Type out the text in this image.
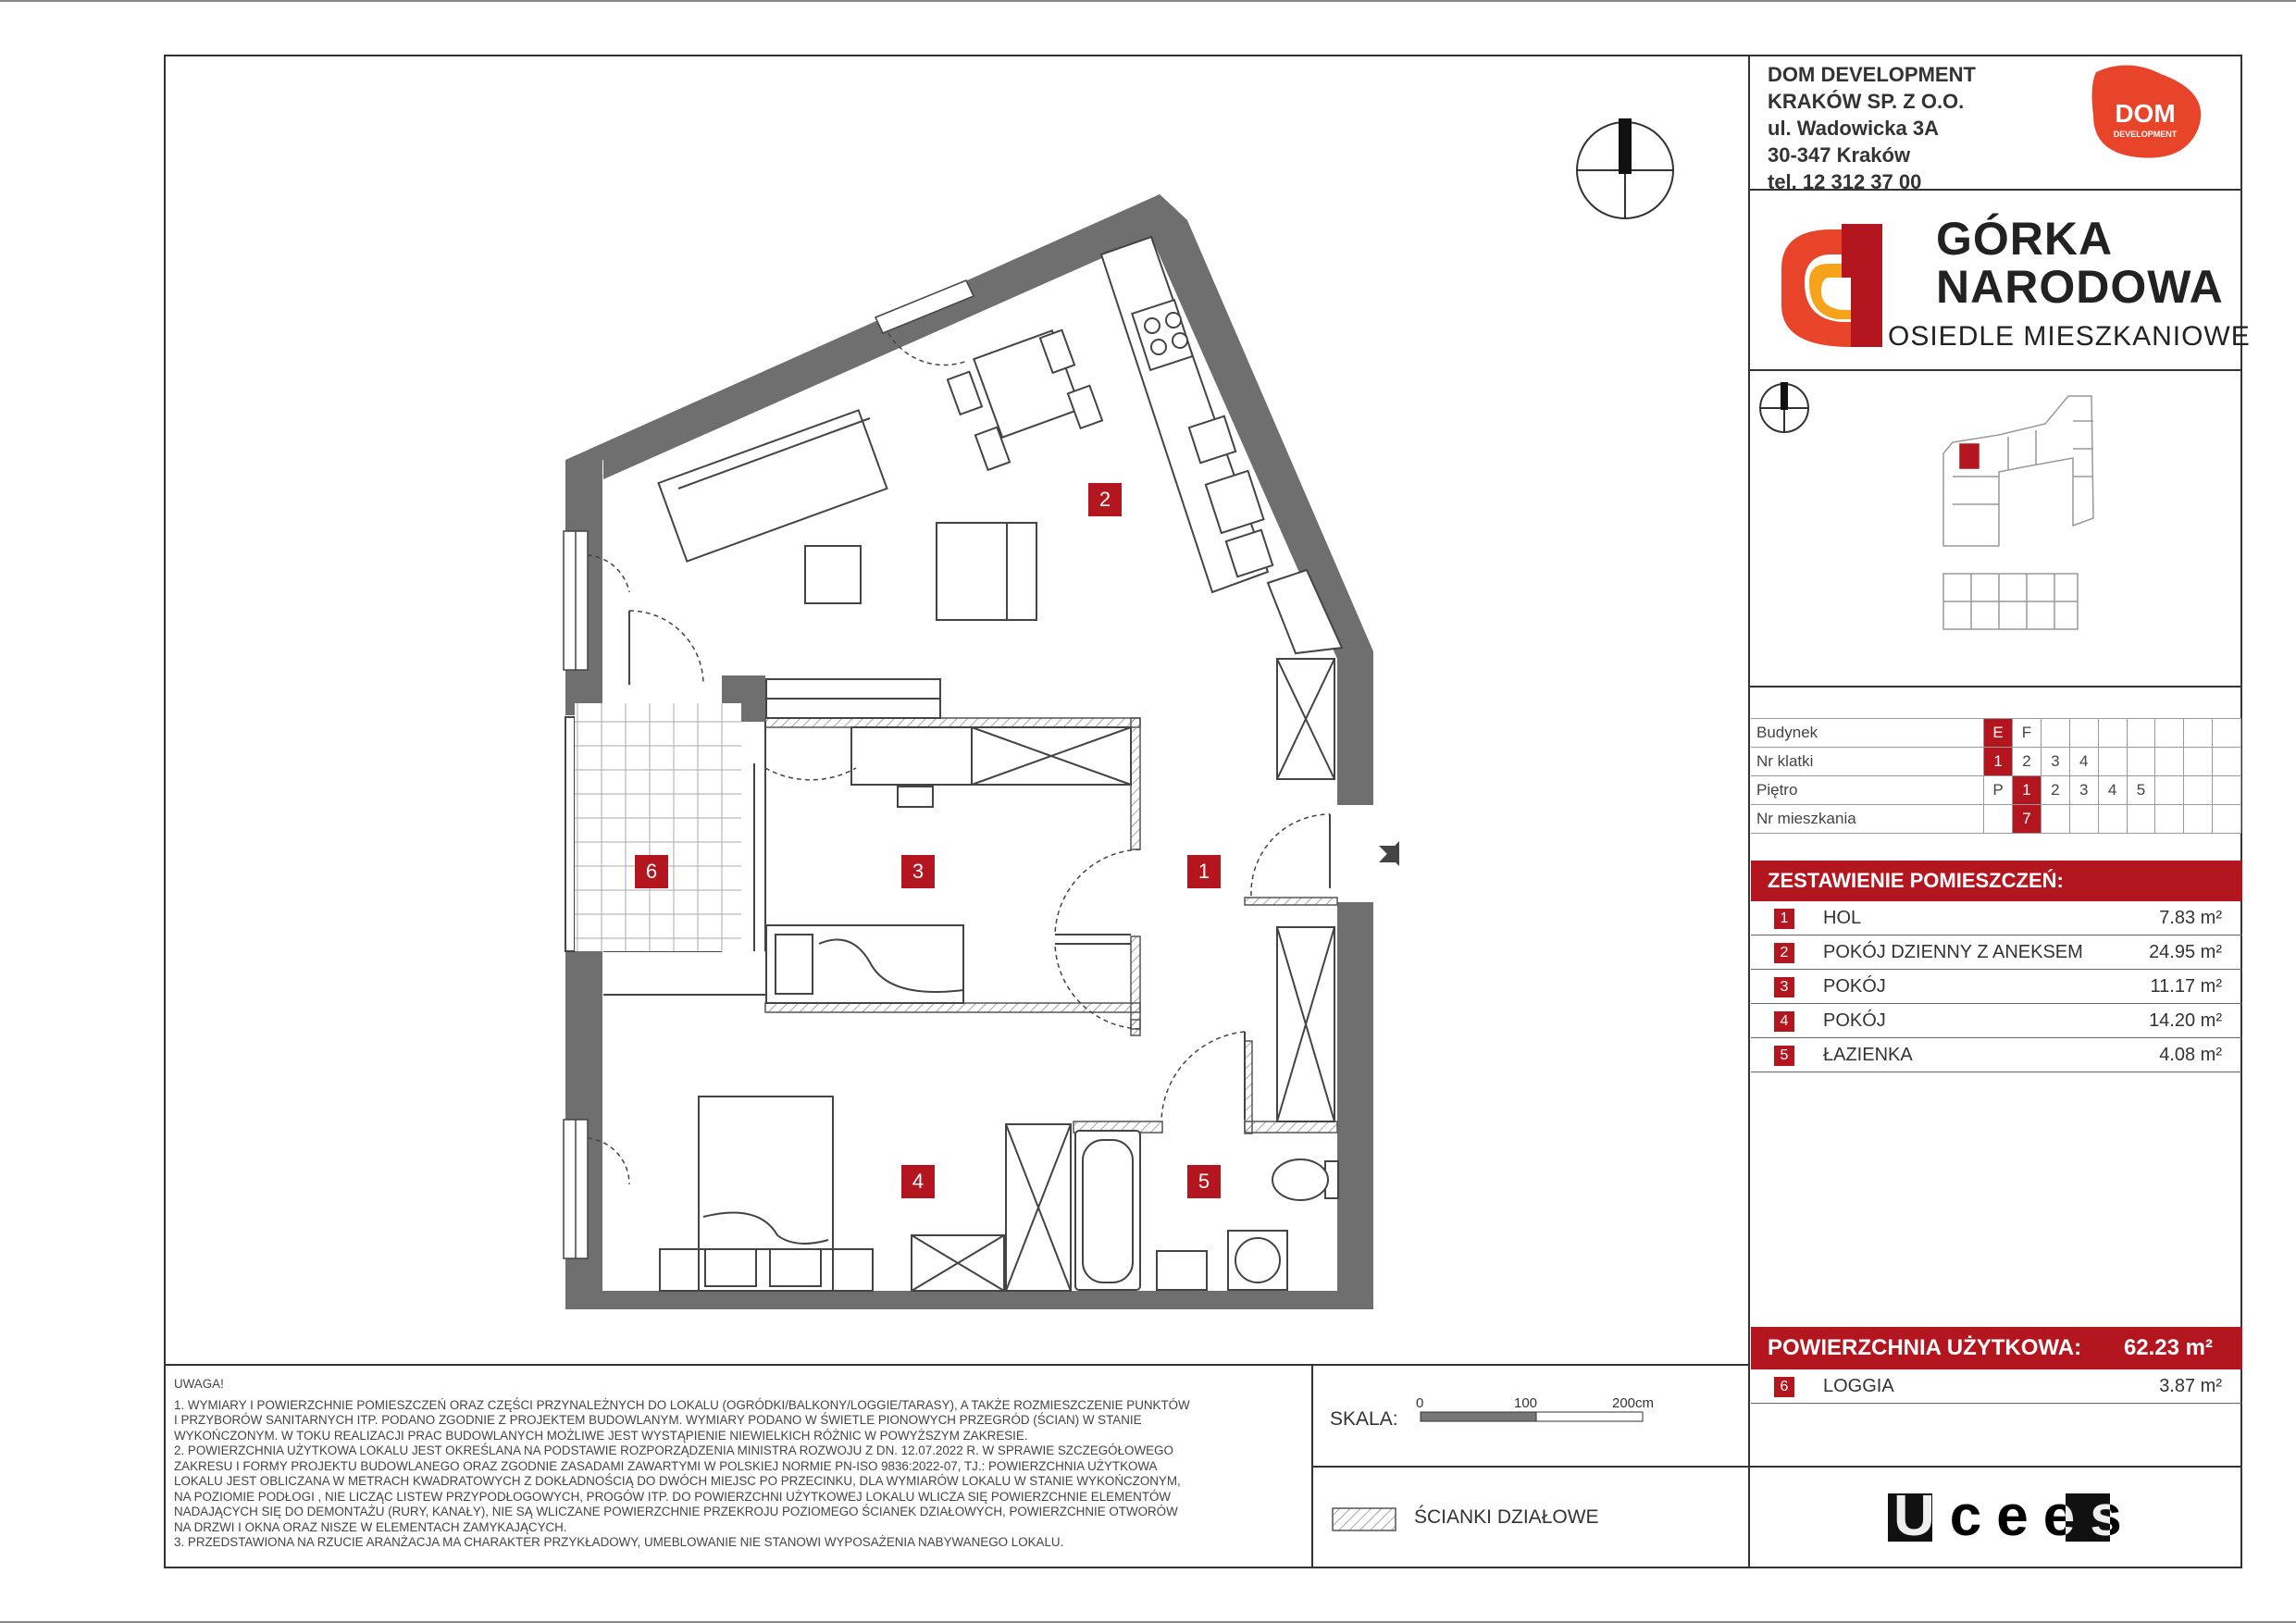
DOM
DEVELOPMENT
DOM DEVELOPMENT
KRAKÓW SP. Z O.O.
ul. Wadowicka 3A
30-347 Kraków
tel. 12 312 37 00
GÓRKA
NARODOWA
OSIEDLE MIESZKANIOWE
Budynek	E	F							
Nr klatki	1	2	3	4					
Piętro	P	1	2	3	4	5			
Nr mieszkania		7							
ZESTAWIENIE POMIESZCZEŃ:
1	HOL	7.83 m²
2	POKÓJ DZIENNY Z ANEKSEM	24.95 m²
3	POKÓJ	11.17 m²
4	POKÓJ	14.20 m²
5	ŁAZIENKA	4.08 m²
POWIERZCHNIA UŻYTKOWA: 62.23 m²
6	LOGGIA	3.87 m²
1
2
3
4	5
6

UWAGA!

1. WYMIARY I POWIERZCHNIE POMIESZCZEŃ ORAZ CZĘŚCI PRZYNALEŻNYCH DO LOKALU (OGRÓDKI/BALKONY/LOGGIE/TARASY), A TAKŻE ROZMIESZCZENIE PUNKTÓW
I PRZYBORÓW SANITARNYCH ITP. PODANO ZGODNIE Z PROJEKTEM BUDOWLANYM. WYMIARY PODANO W ŚWIETLE PIONOWYCH PRZEGRÓD (ŚCIAN) W STANIE
WYKOŃCZONYM. W TOKU REALIZACJI PRAC BUDOWLANYCH MOŻLIWE JEST WYSTĄPIENIE NIEWIELKICH RÓŻNIC W POWYŻSZYM ZAKRESIE.
2. POWIERZCHNIA UŻYTKOWA LOKALU JEST OKREŚLANA NA PODSTAWIE ROZPORZĄDZENIA MINISTRA ROZWOJU Z DN. 12.07.2022 R. W SPRAWIE SZCZEGÓŁOWEGO
ZAKRESU I FORMY PROJEKTU BUDOWLANEGO ORAZ ZGODNIE ZASADAMI ZAWARTYMI W POLSKIEJ NORMIE PN-ISO 9836:2022-07, TJ.: POWIERZCHNIA UŻYTKOWA
LOKALU JEST OBLICZANA W METRACH KWADRATOWYCH Z DOKŁADNOŚCIĄ DO DWÓCH MIEJSC PO PRZECINKU, DLA WYMIARÓW LOKALU W STANIE WYKOŃCZONYM,
NA POZIOMIE PODŁOGI , NIE LICZĄC LISTEW PRZYPODŁOGOWYCH, PROGÓW ITP. DO POWIERZCHNI UŻYTKOWEJ LOKALU WLICZA SIĘ POWIERZCHNIE ELEMENTÓW
NADAJĄCYCH SIĘ DO DEMONTAŻU (RURY, KANAŁY), NIE SĄ WLICZANE POWIERZCHNIE PRZEKROJU POZIOMEGO ŚCIANEK DZIAŁOWYCH, POWIERZCHNIE OTWORÓW
NA DRZWI I OKNA ORAZ NISZE W ELEMENTACH ZAMYKAJĄCYCH.
3. PRZEDSTAWIONA NA RZUCIE ARANŻACJA MA CHARAKTER PRZYKŁADOWY, UMEBLOWANIE NIE STANOWI WYPOSAŻENIA NABYWANEGO LOKALU.
SKALA:
0	100	200cm
ŚCIANKI DZIAŁOWE	Ucees
